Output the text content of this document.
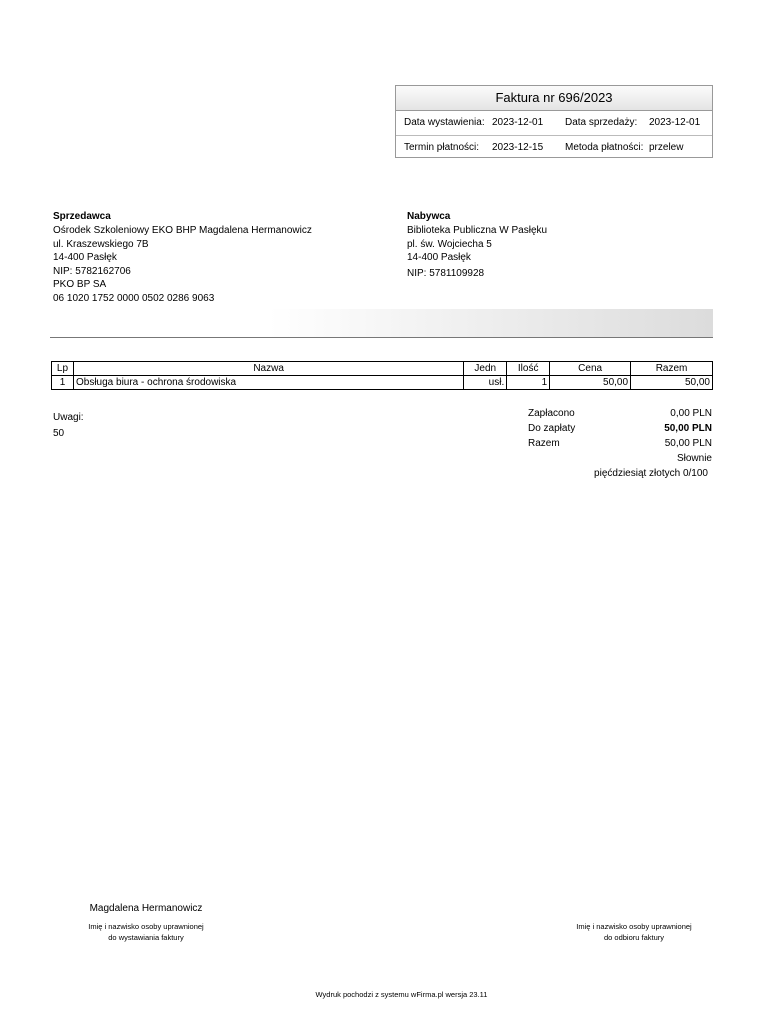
Faktura nr 696/2023
Data wystawienia: 2023-12-01 Data sprzedaży: 2023-12-01
Termin płatności: 2023-12-15 Metoda płatności: przelew
Sprzedawca
Ośrodek Szkoleniowy EKO BHP Magdalena Hermanowicz
ul. Kraszewskiego 7B
14-400 Pasłęk
NIP: 5782162706
PKO BP SA
06 1020 1752 0000 0502 0286 9063
Nabywca
Biblioteka Publiczna W Pasłęku
pl. św. Wojciecha 5
14-400 Pasłęk
NIP: 5781109928
Lp	Nazwa	Jedn	Ilość	Cena	Razem
1	Obsługa biura - ochrona środowiska	usł.	1	50,00	50,00
Uwagi:
50
Zapłacono	0,00 PLN
Do zapłaty	50,00 PLN
Razem	50,00 PLN
Słownie
pięćdziesiąt złotych 0/100
Magdalena Hermanowicz
Imię i nazwisko osoby uprawnionej
do wystawiania faktury
Imię i nazwisko osoby uprawnionej
do odbioru faktury
Wydruk pochodzi z systemu wFirma.pl wersja 23.11
